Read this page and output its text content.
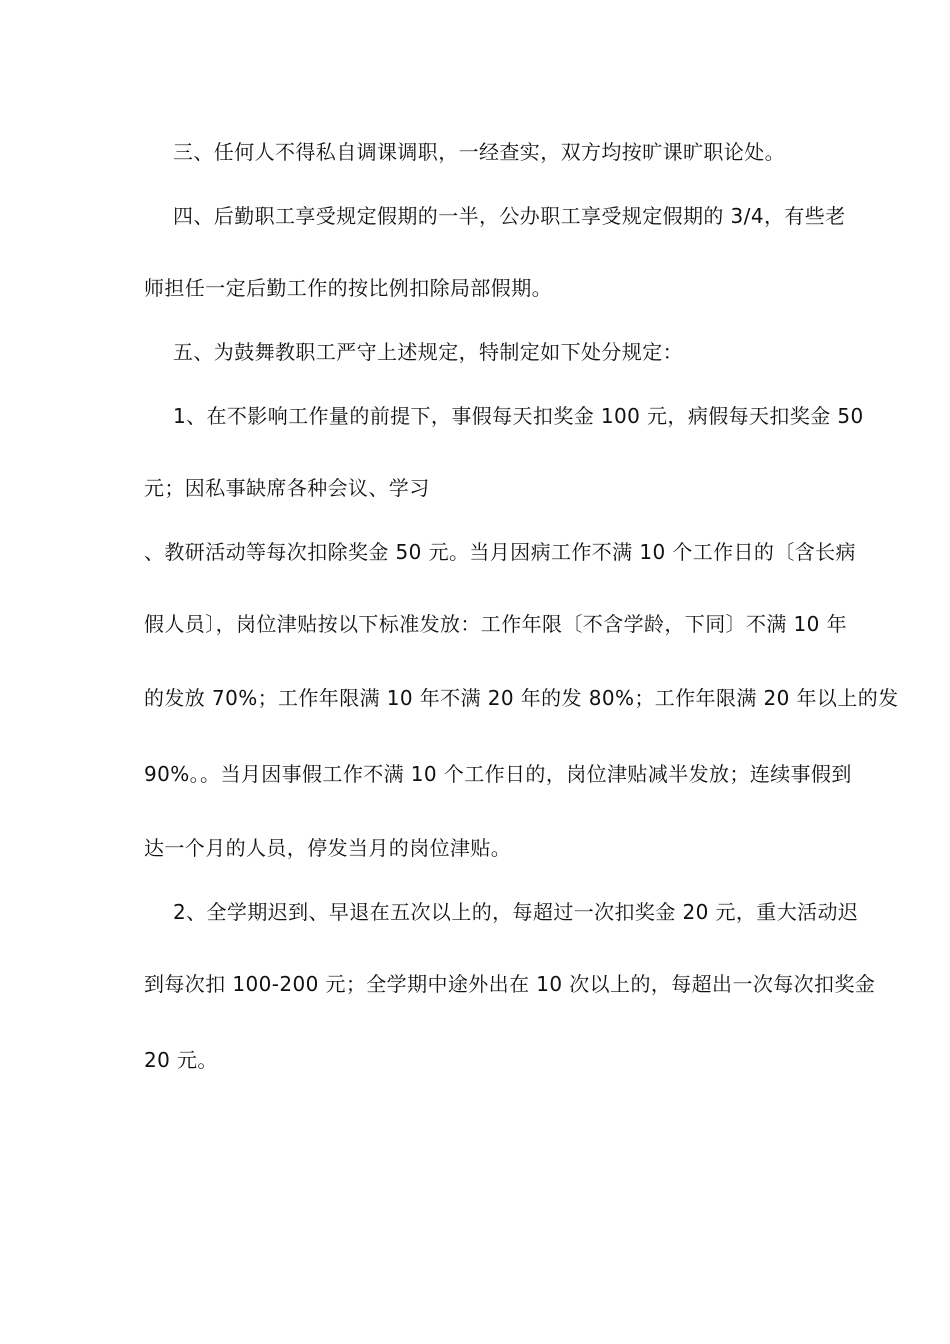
三、任何人不得私自调课调职，一经查实，双方均按旷课旷职论处。
四、后勤职工享受规定假期的一半，公办职工享受规定假期的 3/4，有些老
师担任一定后勤工作的按比例扣除局部假期。
五、为鼓舞教职工严守上述规定，特制定如下处分规定：
1、在不影响工作量的前提下，事假每天扣奖金 100 元，病假每天扣奖金 50
元；因私事缺席各种会议、学习
、教研活动等每次扣除奖金 50 元。当月因病工作不满 10 个工作日的〔含长病
假人员〕，岗位津贴按以下标准发放：工作年限〔不含学龄，下同〕不满 10 年
的发放 70%；工作年限满 10 年不满 20 年的发 80%；工作年限满 20 年以上的发
90%。。当月因事假工作不满 10 个工作日的，岗位津贴减半发放；连续事假到
达一个月的人员，停发当月的岗位津贴。
2、全学期迟到、早退在五次以上的，每超过一次扣奖金 20 元，重大活动迟
到每次扣 100-200 元；全学期中途外出在 10 次以上的，每超出一次每次扣奖金
20 元。
